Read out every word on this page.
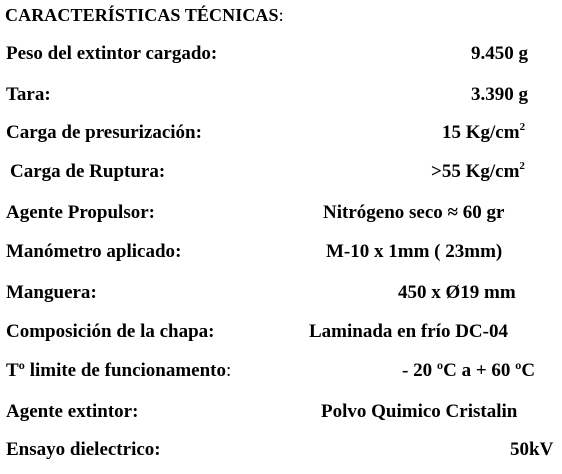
CARACTERÍSTICAS TÉCNICAS:
Peso del extintor cargado:	9.450 g
Tara:	3.390 g
Carga de presurización:	15 $Kg/cm^2$
Carga de Ruptura:	>55 $Kg/cm^2$
Agente Propulsor:	Nitrógeno seco ≈ 60 gr
Manómetro aplicado:	M-10 x 1mm ( 23mm)
Manguera:	450 x Ø19 mm
Composición de la chapa:	Laminada en frío DC-04
Tº limite de funcionamento:	- 20 ºC a + 60 ºC
Agente extintor:	Polvo Quimico Cristalin
Ensayo dielectrico:	50kV
